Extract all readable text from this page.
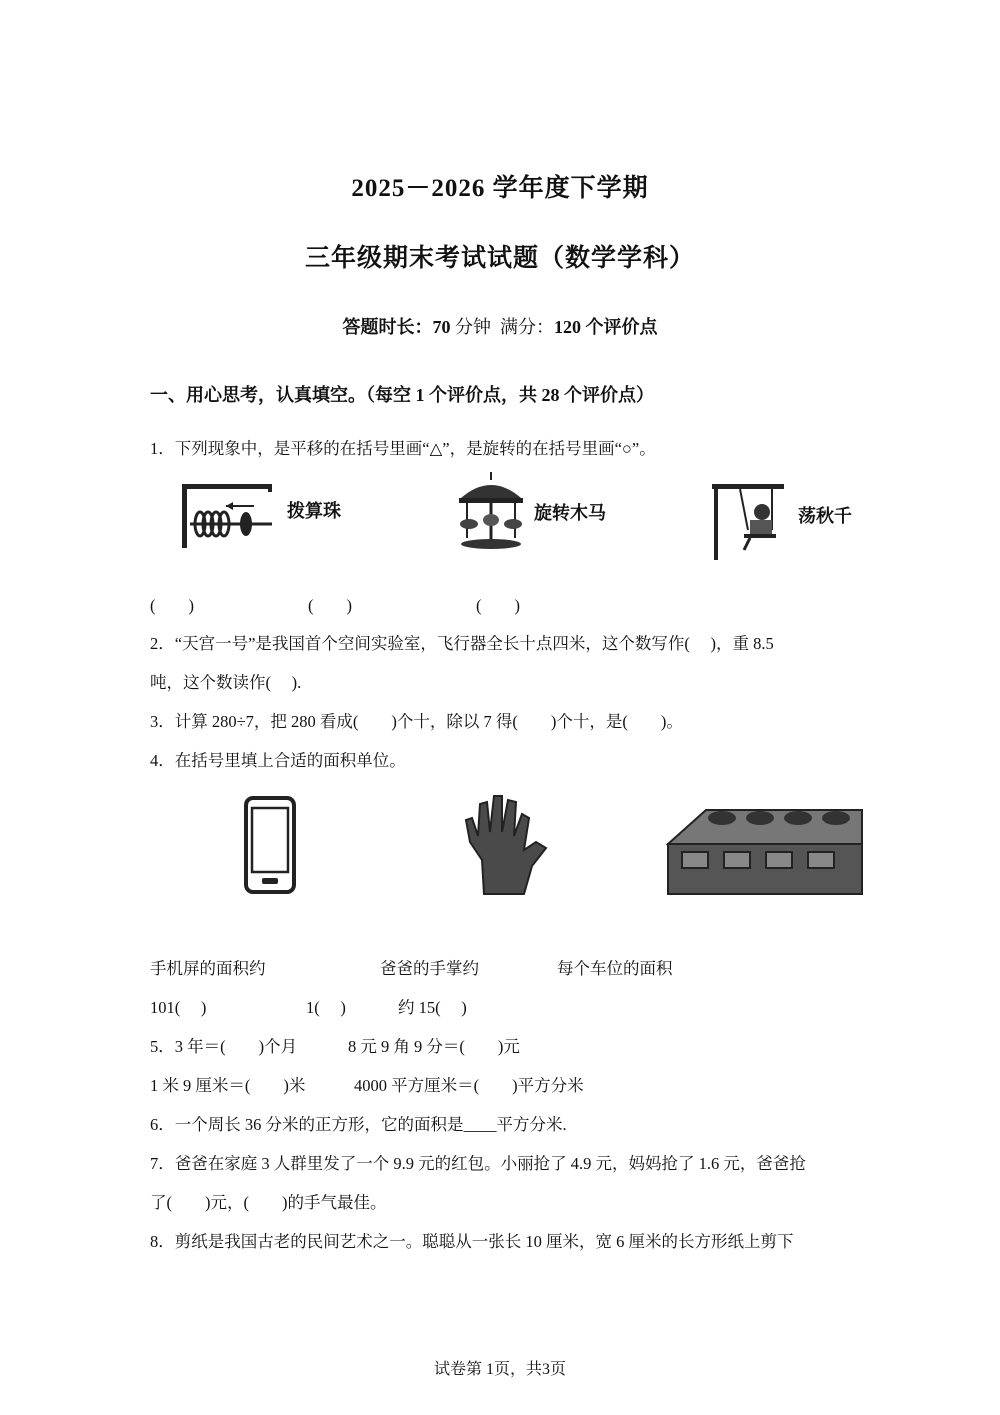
2025－2026 学年度下学期
三年级期末考试试题（数学学科）
答题时长：70 分钟 满分：120 个评价点
一、用心思考，认真填空。（每空 1 个评价点，共 28 个评价点）
1．下列现象中，是平移的在括号里画“△”，是旋转的在括号里画“○”。
拨算珠	旋转木马	荡秋千
(　　)	(　　)	(　　)
2．“天宫一号”是我国首个空间实验室，飞行器全长十点四米，这个数写作(　 )，重 8.5
吨，这个数读作(　 ).
3．计算 280÷7，把 280 看成(　　)个十，除以 7 得(　　)个十，是(　　)。
4．在括号里填上合适的面积单位。
手机屏的面积约	爸爸的手掌约	每个车位的面积
101(　 )	1(　 )	约 15(　 )
5．3 年＝(　　)个月	8 元 9 角 9 分＝(　　)元
1 米 9 厘米＝(　　)米	4000 平方厘米＝(　　)平方分米
6．一个周长 36 分米的正方形，它的面积是____平方分米.
7．爸爸在家庭 3 人群里发了一个 9.9 元的红包。小丽抢了 4.9 元，妈妈抢了 1.6 元，爸爸抢
了(　　)元，(　　)的手气最佳。
8．剪纸是我国古老的民间艺术之一。聪聪从一张长 10 厘米，宽 6 厘米的长方形纸上剪下
试卷第 1页，共3页
